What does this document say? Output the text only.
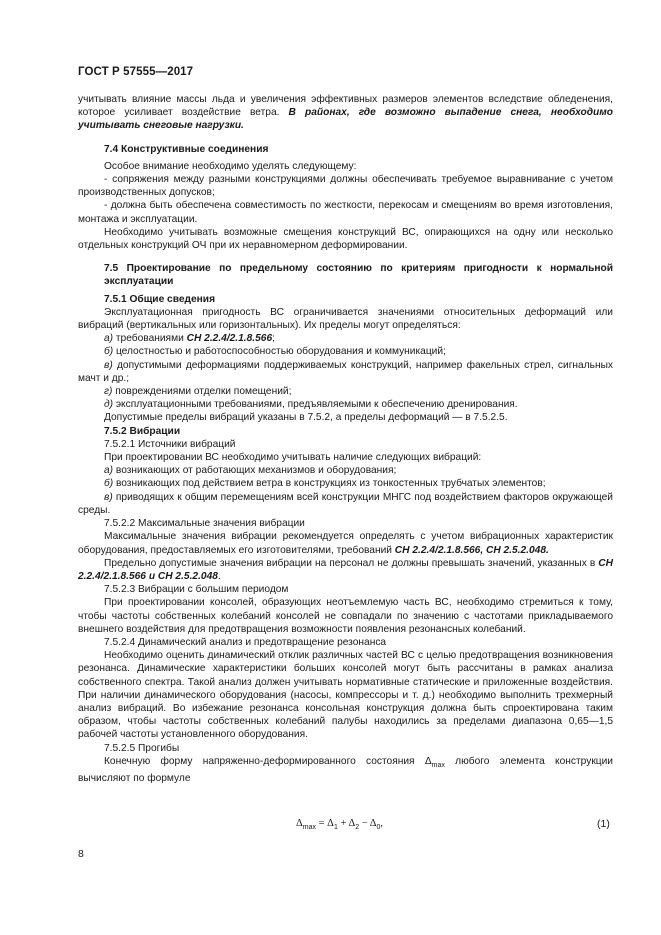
ГОСТ Р 57555—2017

учитывать влияние массы льда и увеличения эффективных размеров элементов вследствие обледенения, которое усиливает воздействие ветра. В районах, где возможно выпадение снега, необходимо учитывать снеговые нагрузки.

7.4 Конструктивные соединения

Особое внимание необходимо уделять следующему:

- сопряжения между разными конструкциями должны обеспечивать требуемое выравнивание с учетом производственных допусков;

- должна быть обеспечена совместимость по жесткости, перекосам и смещениям во время изготовления, монтажа и эксплуатации.

Необходимо учитывать возможные смещения конструкций ВС, опирающихся на одну или несколько отдельных конструкций ОЧ при их неравномерном деформировании.

7.5 Проектирование по предельному состоянию по критериям пригодности к нормальной эксплуатации

7.5.1 Общие сведения

Эксплуатационная пригодность ВС ограничивается значениями относительных деформаций или вибраций (вертикальных или горизонтальных). Их пределы могут определяться:

а) требованиями СН 2.2.4/2.1.8.566;

б) целостностью и работоспособностью оборудования и коммуникаций;

в) допустимыми деформациями поддерживаемых конструкций, например факельных стрел, сигнальных мачт и др.;

г) повреждениями отделки помещений;

д) эксплуатационными требованиями, предъявляемыми к обеспечению дренирования.

Допустимые пределы вибраций указаны в 7.5.2, а пределы деформаций — в 7.5.2.5.

7.5.2 Вибрации

7.5.2.1 Источники вибраций

При проектировании ВС необходимо учитывать наличие следующих вибраций:

а) возникающих от работающих механизмов и оборудования;

б) возникающих под действием ветра в конструкциях из тонкостенных трубчатых элементов;

в) приводящих к общим перемещениям всей конструкции МНГС под воздействием факторов окружающей среды.

7.5.2.2 Максимальные значения вибрации

Максимальные значения вибрации рекомендуется определять с учетом вибрационных характеристик оборудования, предоставляемых его изготовителями, требований СН 2.2.4/2.1.8.566, СН 2.5.2.048.

Предельно допустимые значения вибрации на персонал не должны превышать значений, указанных в СН 2.2.4/2.1.8.566 и СН 2.5.2.048.

7.5.2.3 Вибрации с большим периодом

При проектировании консолей, образующих неотъемлемую часть ВС, необходимо стремиться к тому, чтобы частоты собственных колебаний консолей не совпадали по значению с частотами прикладываемого внешнего воздействия для предотвращения возможности появления резонансных колебаний.

7.5.2.4 Динамический анализ и предотвращение резонанса

Необходимо оценить динамический отклик различных частей ВС с целью предотвращения возникновения резонанса. Динамические характеристики больших консолей могут быть рассчитаны в рамках анализа собственного спектра. Такой анализ должен учитывать нормативные статические и приложенные воздействия. При наличии динамического оборудования (насосы, компрессоры и т. д.) необходимо выполнить трехмерный анализ вибраций. Во избежание резонанса консольная конструкция должна быть спроектирована таким образом, чтобы частоты собственных колебаний палубы находились за пределами диапазона 0,65—1,5 рабочей частоты установленного оборудования.

7.5.2.5 Прогибы

Конечную форму напряженно-деформированного состояния $\Delta_{max}$ любого элемента конструкции вычисляют по формуле

$\Delta_{max} = \Delta_1 + \Delta_2 - \Delta_0$,	(1)
8
